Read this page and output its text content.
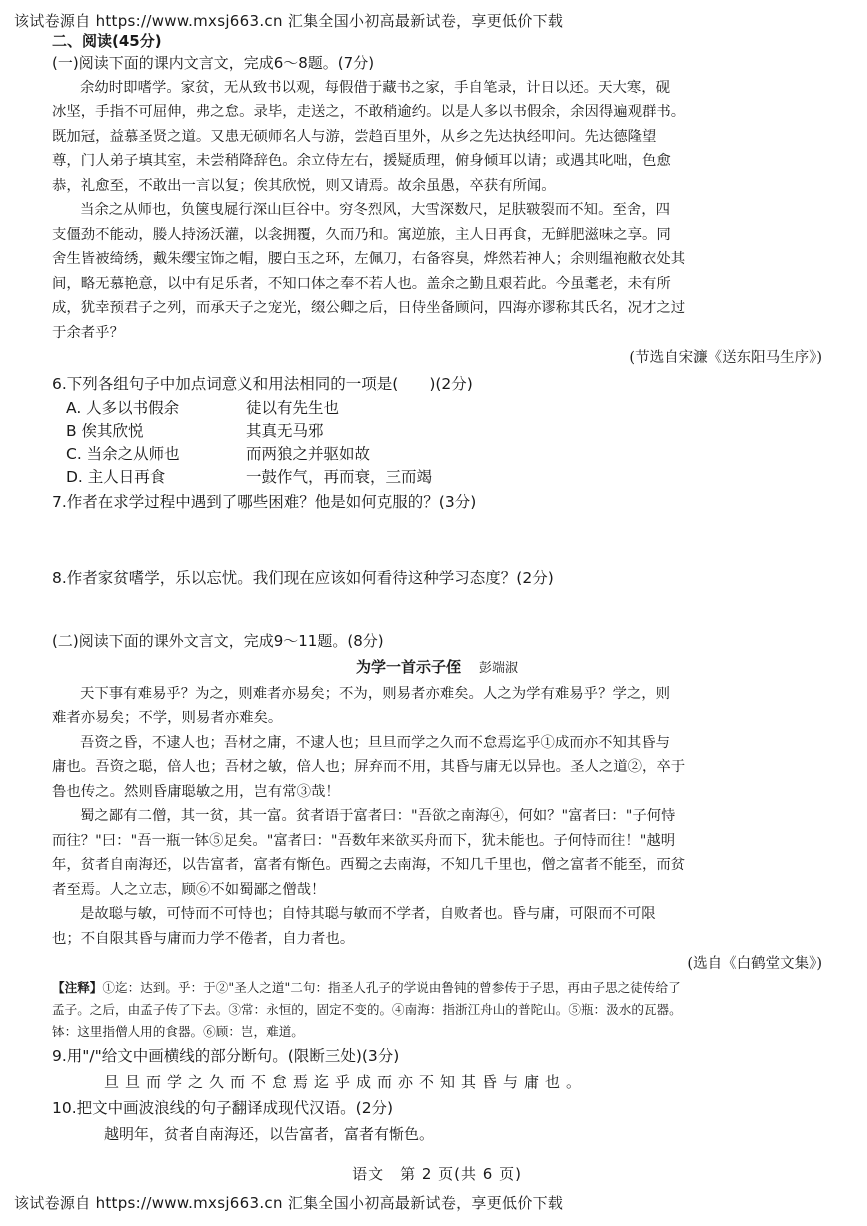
该试卷源自 https://www.mxsj663.cn 汇集全国小初高最新试卷，享更低价下载
二、阅读(45分)
(一)阅读下面的课内文言文，完成6～8题。(7分)
余幼时即嗜学。家贫，无从致书以观，每假借于藏书之家，手自笔录，计日以还。天大寒，砚
冰坚，手指不可屈伸，弗之怠。录毕，走送之，不敢稍逾约。以是人多以书假余，余因得遍观群书。
既加冠，益慕圣贤之道。又患无硕师名人与游，尝趋百里外，从乡之先达执经叩问。先达德隆望
尊，门人弟子填其室，未尝稍降辞色。余立侍左右，援疑质理，俯身倾耳以请；或遇其叱咄，色愈
恭，礼愈至，不敢出一言以复；俟其欣悦，则又请焉。故余虽愚，卒获有所闻。
当余之从师也，负箧曳屣行深山巨谷中。穷冬烈风，大雪深数尺，足肤皲裂而不知。至舍，四
支僵劲不能动，媵人持汤沃灌，以衾拥覆，久而乃和。寓逆旅，主人日再食，无鲜肥滋味之享。同
舍生皆被绮绣，戴朱缨宝饰之帽，腰白玉之环，左佩刀，右备容臭，烨然若神人；余则缊袍敝衣处其
间，略无慕艳意，以中有足乐者，不知口体之奉不若人也。盖余之勤且艰若此。今虽耄老，未有所
成，犹幸预君子之列，而承天子之宠光，缀公卿之后，日侍坐备顾问，四海亦谬称其氏名，况才之过
于余者乎？
(节选自宋濂《送东阳马生序》)
6.下列各组句子中加点词意义和用法相同的一项是(　　)(2分)
A. 人多以书假余	徒以有先生也
B 俟其欣悦	其真无马邪
C. 当余之从师也	而两狼之并驱如故
D. 主人日再食	一鼓作气，再而衰，三而竭
7.作者在求学过程中遇到了哪些困难？他是如何克服的？(3分)
8.作者家贫嗜学，乐以忘忧。我们现在应该如何看待这种学习态度？(2分)
(二)阅读下面的课外文言文，完成9～11题。(8分)
为学一首示子侄 彭端淑
天下事有难易乎？为之，则难者亦易矣；不为，则易者亦难矣。人之为学有难易乎？学之，则
难者亦易矣；不学，则易者亦难矣。
吾资之昏，不逮人也；吾材之庸，不逮人也；旦旦而学之久而不怠焉迄乎①成而亦不知其昏与
庸也。吾资之聪，倍人也；吾材之敏，倍人也；屏弃而不用，其昏与庸无以异也。圣人之道②，卒于
鲁也传之。然则昏庸聪敏之用，岂有常③哉！
蜀之鄙有二僧，其一贫，其一富。贫者语于富者曰："吾欲之南海④，何如？"富者曰："子何恃
而往？"曰："吾一瓶一钵⑤足矣。"富者曰："吾数年来欲买舟而下，犹未能也。子何恃而往！"越明
年，贫者自南海还，以告富者，富者有惭色。西蜀之去南海，不知几千里也，僧之富者不能至，而贫
者至焉。人之立志，顾⑥不如蜀鄙之僧哉！
是故聪与敏，可恃而不可恃也；自恃其聪与敏而不学者，自败者也。昏与庸，可限而不可限
也；不自限其昏与庸而力学不倦者，自力者也。
(选自《白鹤堂文集》)
【注释】①迄：达到。乎：于②"圣人之道"二句：指圣人孔子的学说由鲁钝的曾参传于子思，再由子思之徒传给了
孟子。之后，由孟子传了下去。③常：永恒的，固定不变的。④南海：指浙江舟山的普陀山。⑤瓶：汲水的瓦器。
钵：这里指僧人用的食器。⑥顾：岂，难道。
9.用"/"给文中画横线的部分断句。(限断三处)(3分)
旦旦而学之久而不怠焉迄乎成而亦不知其昏与庸也。
10.把文中画波浪线的句子翻译成现代汉语。(2分)
越明年，贫者自南海还，以告富者，富者有惭色。
语文　第 2 页(共 6 页)
该试卷源自 https://www.mxsj663.cn 汇集全国小初高最新试卷，享更低价下载
